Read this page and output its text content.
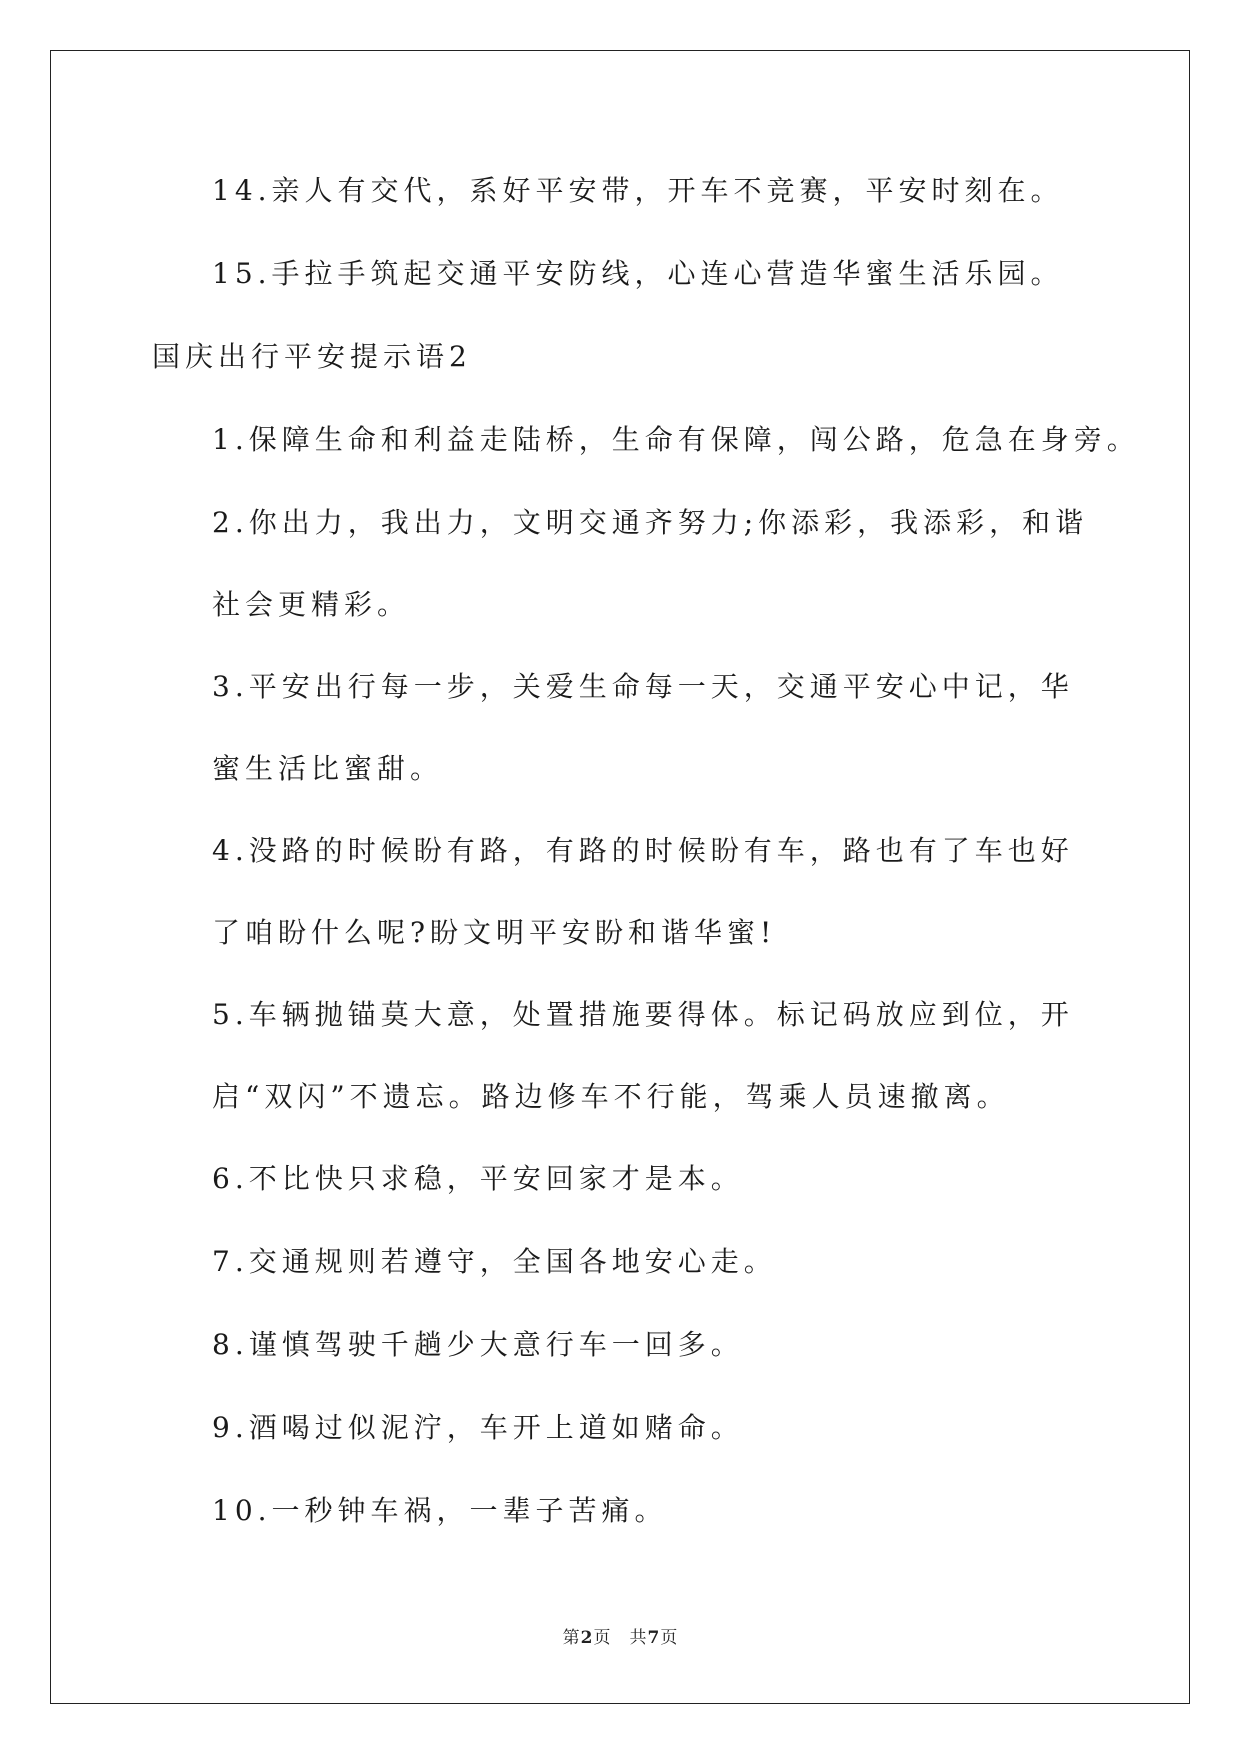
14.亲人有交代，系好平安带，开车不竞赛，平安时刻在。
15.手拉手筑起交通平安防线，心连心营造华蜜生活乐园。
国庆出行平安提示语2
1.保障生命和利益走陆桥，生命有保障，闯公路，危急在身旁。
2.你出力，我出力，文明交通齐努力;你添彩，我添彩，和谐社会更精彩。
3.平安出行每一步，关爱生命每一天，交通平安心中记，华蜜生活比蜜甜。
4.没路的时候盼有路，有路的时候盼有车，路也有了车也好了咱盼什么呢?盼文明平安盼和谐华蜜!
5.车辆抛锚莫大意，处置措施要得体。标记码放应到位，开启“双闪”不遗忘。路边修车不行能，驾乘人员速撤离。
6.不比快只求稳，平安回家才是本。
7.交通规则若遵守，全国各地安心走。
8.谨慎驾驶千趟少大意行车一回多。
9.酒喝过似泥泞，车开上道如赌命。
10.一秒钟车祸，一辈子苦痛。
第2页　共7页
